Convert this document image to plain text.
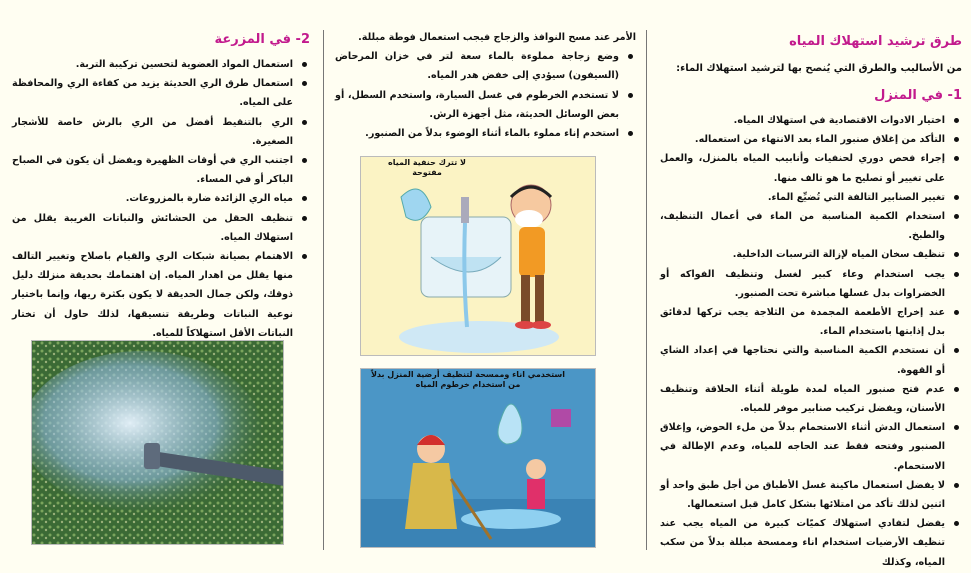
طرق ترشيد استهلاك المياه

من الأساليب والطرق التي يُنصح بها لترشيد استهلاك الماء:

1- في المنزل
اختيار الادوات الاقتصادية في استهلاك المياه.
التأكد من إغلاق صنبور الماء بعد الانتهاء من استعماله.
إجراء فحص دوري لحنفيات وأنابيب المياه بالمنزل، والعمل على تغيير أو تصليح ما هو تالف منها.
تغيير الصنابير التالفة التي تُضيِّع الماء.
استخدام الكمية المناسبة من الماء في أعمال التنظيف، والطبخ.
تنظيف سخان المياه لإزالة الترسبات الداخلية.
يجب استخدام وعاء كبير لغسل وتنظيف الفواكه أو الخضراوات بدل غسلها مباشرة تحت الصنبور.
عند إخراج الأطعمة المجمدة من الثلاجة يجب تركها لدقائق بدل إذابتها باستخدام الماء.
أن نستخدم الكمية المناسبة والتي نحتاجها في إعداد الشاي أو القهوة.
عدم فتح صنبور المياه لمدة طويلة أثناء الحلاقة وتنظيف الأسنان، ويفضل تركيب صنابير موفر للمياه.
استعمال الدش أثناء الاستحمام بدلاً من ملء الحوض، وإغلاق الصنبور وفتحه فقط عند الحاجه للمياه، وعدم الإطالة في الاستحمام.
لا يفضل استعمال ماكينة غسل الأطباق من أجل طبق واحد أو اثنين لذلك تأكد من امتلائها بشكل كامل قبل استعمالها.
يفضل لتفادي استهلاك كميّات كبيرة من المياه يجب عند تنظيف الأرضيات استخدام اناء وممسحة مبللة بدلاً من سكب المياه، وكذلك
الأمر عند مسح النوافذ والزجاج فيجب استعمال فوطة مبللة.
وضع زجاجة مملوءة بالماء سعة لتر في خزان المرحاض (السيفون) سيؤدي إلى خفض هدر المياه.
لا تستخدم الخرطوم في غسل السيارة، واستخدم السطل، أو بعض الوسائل الحديثة، مثل أجهزة الرش.
استخدم إناء مملوء بالماء أثناء الوضوء بدلاً من الصنبور.
لا تترك حنفية المياه مفتوحة
استخدمي اناء وممسحة لتنظيف أرضية المنزل بدلاً من استخدام خرطوم المياه
2- في المزرعة
استعمال المواد العضوية لتحسين تركيبة التربة.
استعمال طرق الري الحديثة يزيد من كفاءة الري والمحافظة على المياه.
الري بالتنقيط أفضل من الري بالرش خاصة للأشجار الصغيرة.
اجتنب الري في أوقات الظهيرة ويفضل أن يكون في الصباح الباكر أو في المساء.
مياه الري الزائدة ضارة بالمزروعات.
تنظيف الحقل من الحشائش والنباتات الغريبة يقلل من استهلاك المياه.
الاهتمام بصيانة شبكات الري والقيام باصلاح وتغيير التالف منها يقلل من اهدار المياه. إن اهتمامك بحديقة منزلك دليل ذوقك، ولكن جمال الحديقة لا يكون بكثرة ريها، وإنما باختيار نوعية النباتات وطريقة تنسيقها، لذلك حاول أن تختار النباتات الأقل استهلاكاً للمياه.
